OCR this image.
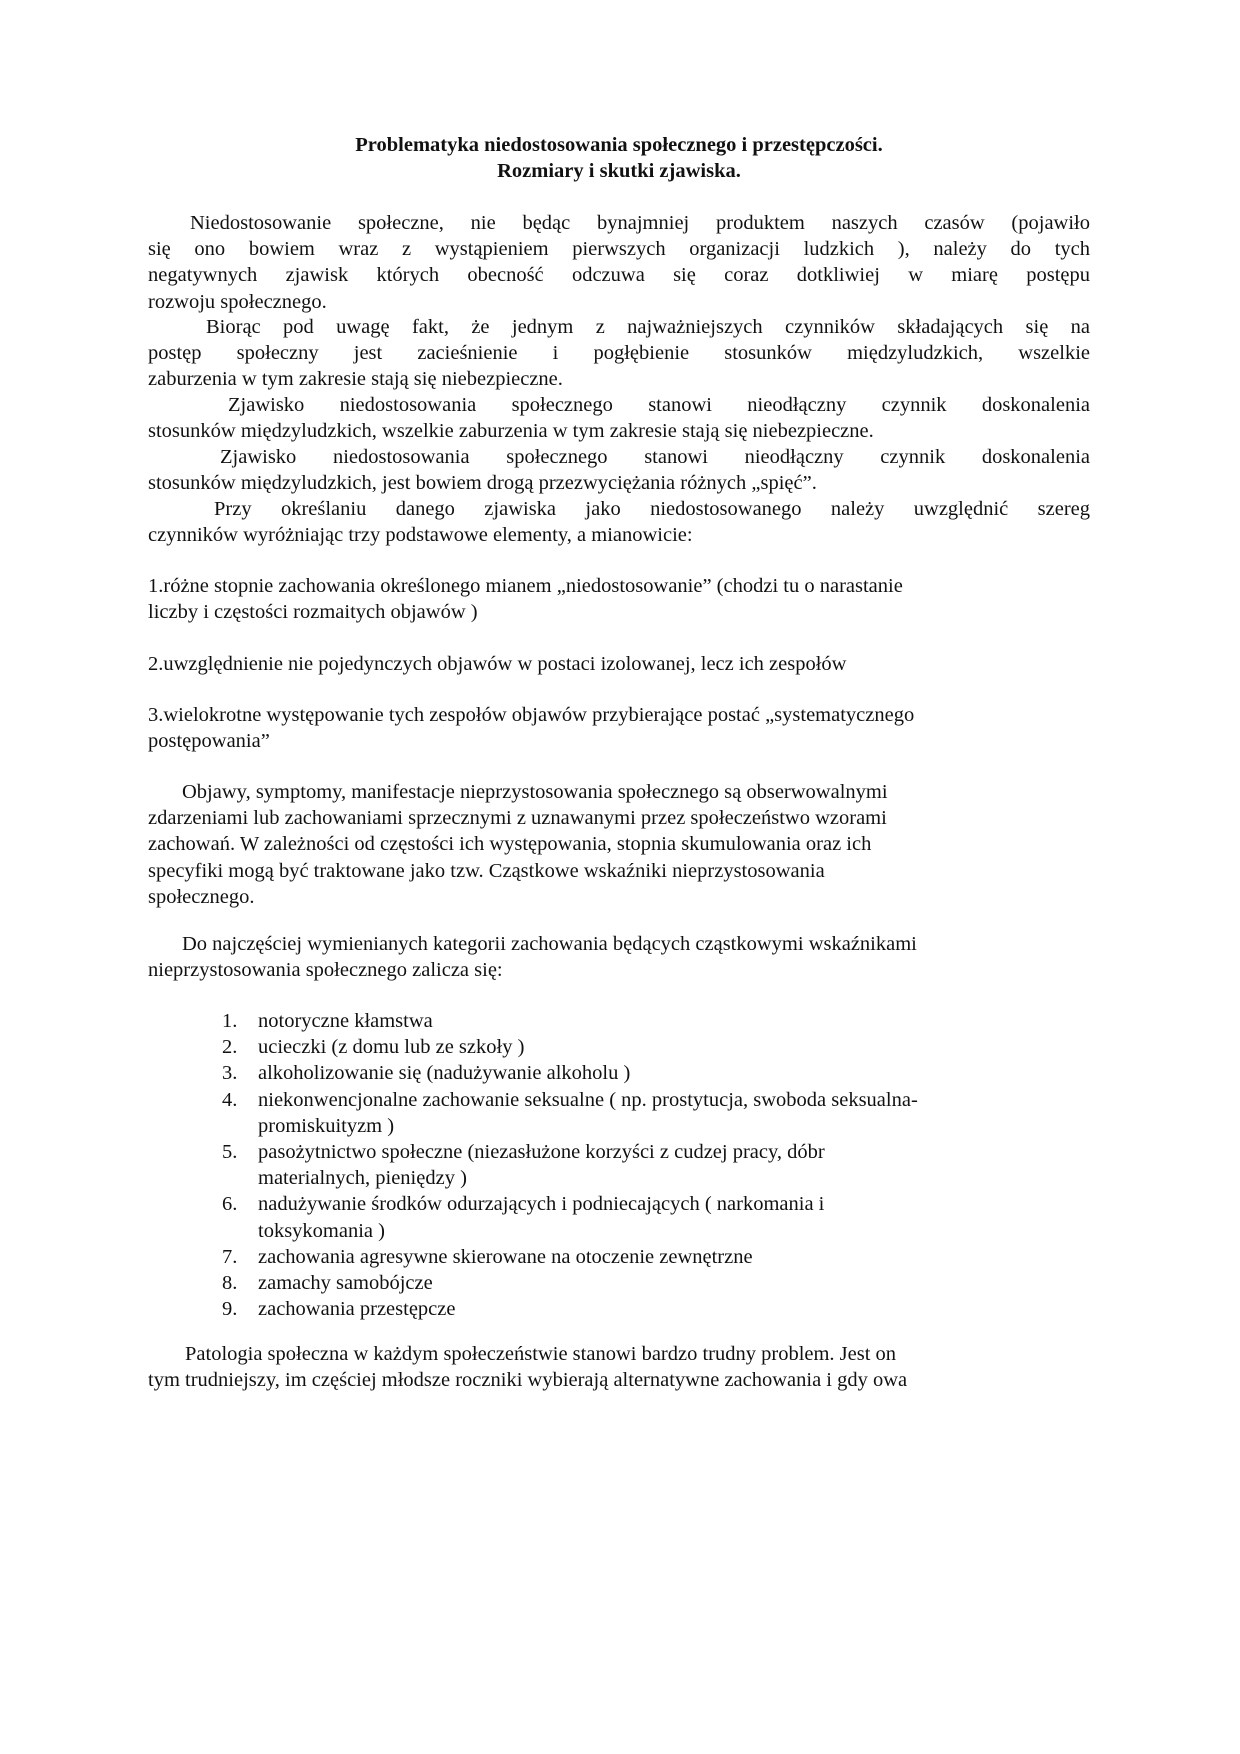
Problematyka niedostosowania społecznego i przestępczości.
Rozmiary i skutki zjawiska.
Niedostosowanie społeczne, nie będąc bynajmniej produktem naszych czasów (pojawiło
się ono bowiem wraz z wystąpieniem pierwszych organizacji ludzkich ), należy do tych
negatywnych zjawisk których obecność odczuwa się coraz dotkliwiej w miarę postępu
rozwoju społecznego.
Biorąc pod uwagę fakt, że jednym z najważniejszych czynników składających się na
postęp społeczny jest zacieśnienie i pogłębienie stosunków międzyludzkich, wszelkie
zaburzenia w tym zakresie stają się niebezpieczne.
Zjawisko niedostosowania społecznego stanowi nieodłączny czynnik doskonalenia
stosunków międzyludzkich, wszelkie zaburzenia w tym zakresie stają się niebezpieczne.
Zjawisko niedostosowania społecznego stanowi nieodłączny czynnik doskonalenia
stosunków międzyludzkich, jest bowiem drogą przezwyciężania różnych „spięć”.
Przy określaniu danego zjawiska jako niedostosowanego należy uwzględnić szereg
czynników wyróżniając trzy podstawowe elementy, a mianowicie:
1.różne stopnie zachowania określonego mianem „niedostosowanie” (chodzi tu o narastanie
liczby i częstości rozmaitych objawów )
2.uwzględnienie nie pojedynczych objawów w postaci izolowanej, lecz ich zespołów
3.wielokrotne występowanie tych zespołów objawów przybierające postać „systematycznego
postępowania”
Objawy, symptomy, manifestacje nieprzystosowania społecznego są obserwowalnymi
zdarzeniami lub zachowaniami sprzecznymi z uznawanymi przez społeczeństwo wzorami
zachowań. W zależności od częstości ich występowania, stopnia skumulowania oraz ich
specyfiki mogą być traktowane jako tzw. Cząstkowe wskaźniki nieprzystosowania
społecznego.
Do najczęściej wymienianych kategorii zachowania będących cząstkowymi wskaźnikami
nieprzystosowania społecznego zalicza się:
1. notoryczne kłamstwa
2. ucieczki (z domu lub ze szkoły )
3. alkoholizowanie się (nadużywanie alkoholu )
4. niekonwencjonalne zachowanie seksualne ( np. prostytucja, swoboda seksualna-
promiskuityzm )
5. pasożytnictwo społeczne (niezasłużone korzyści z cudzej pracy, dóbr
materialnych, pieniędzy )
6. nadużywanie środków odurzających i podniecających ( narkomania i
toksykomania )
7. zachowania agresywne skierowane na otoczenie zewnętrzne
8. zamachy samobójcze
9. zachowania przestępcze
Patologia społeczna w każdym społeczeństwie stanowi bardzo trudny problem. Jest on
tym trudniejszy, im częściej młodsze roczniki wybierają alternatywne zachowania i gdy owa
